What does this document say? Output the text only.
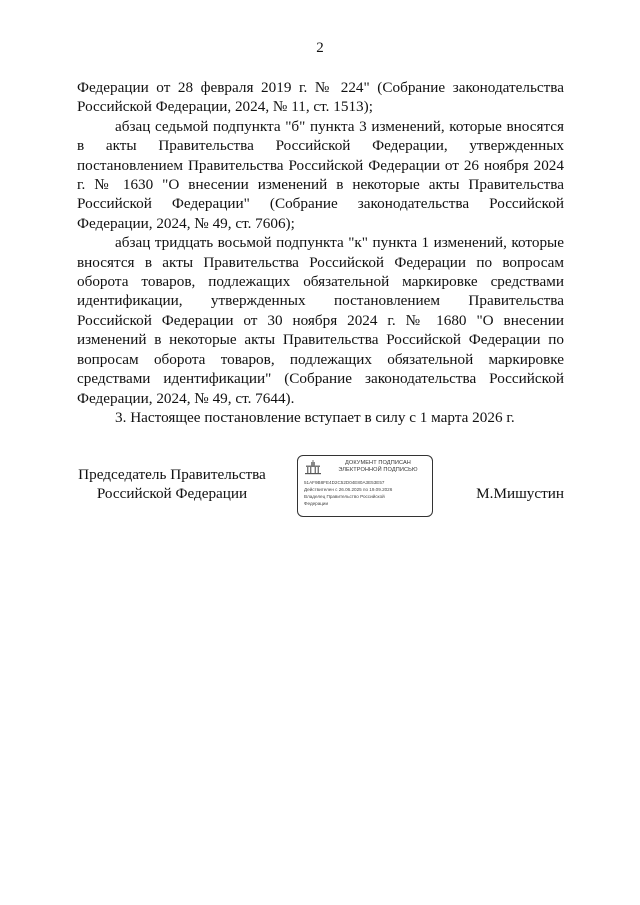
2

Федерации от 28 февраля 2019 г. № 224" (Собрание законодательства Российской Федерации, 2024, № 11, ст. 1513);

абзац седьмой подпункта "б" пункта 3 изменений, которые вносятся в акты Правительства Российской Федерации, утвержденных постановлением Правительства Российской Федерации от 26 ноября 2024 г. № 1630 "О внесении изменений в некоторые акты Правительства Российской Федерации" (Собрание законодательства Российской Федерации, 2024, № 49, ст. 7606);

абзац тридцать восьмой подпункта "к" пункта 1 изменений, которые вносятся в акты Правительства Российской Федерации по вопросам оборота товаров, подлежащих обязательной маркировке средствами идентификации, утвержденных постановлением Правительства Российской Федерации от 30 ноября 2024 г. № 1680 "О внесении изменений в некоторые акты Правительства Российской Федерации по вопросам оборота товаров, подлежащих обязательной маркировке средствами идентификации" (Собрание законодательства Российской Федерации, 2024, № 49, ст. 7644).

3. Настоящее постановление вступает в силу с 1 марта 2026 г.

Председатель Правительства
Российской Федерации
ДОКУМЕНТ ПОДПИСАН
ЭЛЕКТРОННОЙ ПОДПИСЬЮ
51AF9B8FE4D2C52D04E80A3E53E57
Действителен с 26.06.2025 по 19.09.2026
Владелец Правительство Российской
Федерации
М.Мишустин
